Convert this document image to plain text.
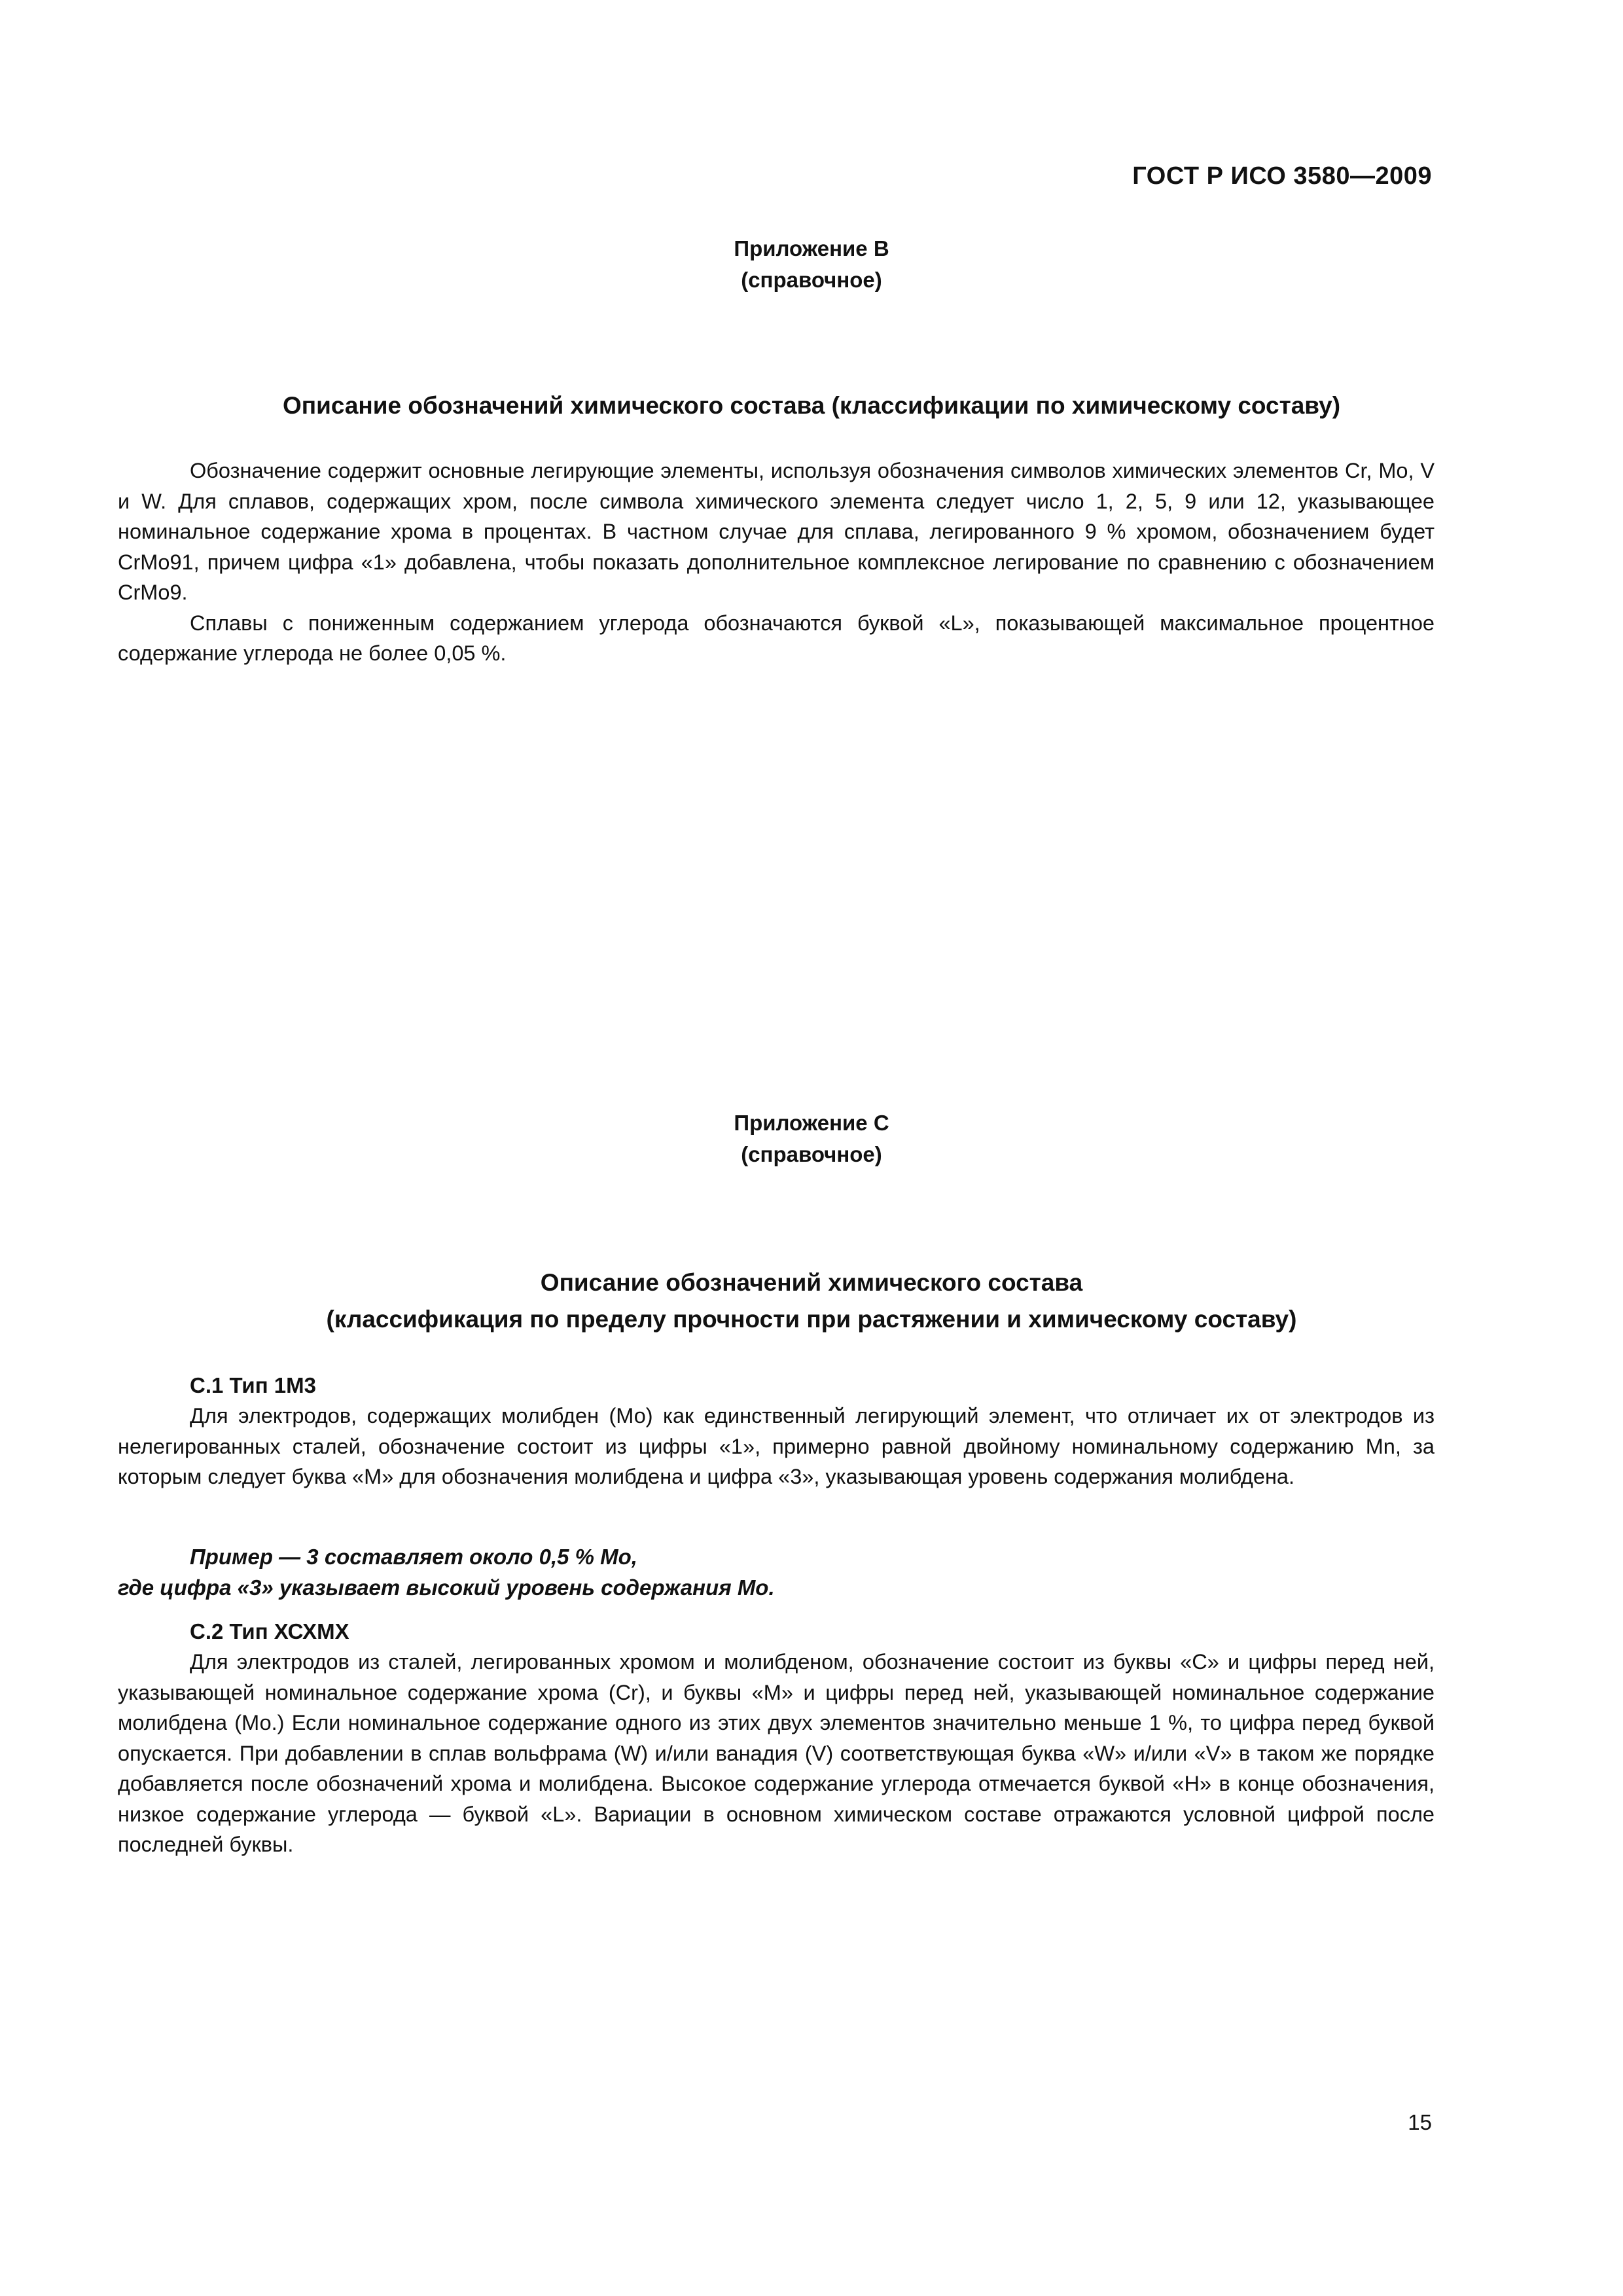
ГОСТ Р ИСО 3580—2009
Приложение В
(справочное)
Описание обозначений химического состава (классификации по химическому составу)

Обозначение содержит основные легирующие элементы, используя обозначения символов химических элементов Cr, Mo, V и W. Для сплавов, содержащих хром, после символа химического элемента следует число 1, 2, 5, 9 или 12, указывающее номинальное содержание хрома в процентах. В частном случае для сплава, легированного 9 % хромом, обозначением будет CrMo91, причем цифра «1» добавлена, чтобы показать дополнительное комплексное легирование по сравнению с обозначением CrMo9.

Сплавы с пониженным содержанием углерода обозначаются буквой «L», показывающей максимальное процентное содержание углерода не более 0,05 %.

Приложение С
(справочное)
Описание обозначений химического состава
(классификация по пределу прочности при растяжении и химическому составу)
С.1 Тип 1М3

Для электродов, содержащих молибден (Мо) как единственный легирующий элемент, что отличает их от электродов из нелегированных сталей, обозначение состоит из цифры «1», примерно равной двойному номинальному содержанию Mn, за которым следует буква «М» для обозначения молибдена и цифра «3», указывающая уровень содержания молибдена.

Пример — 3 составляет около 0,5 % Мо,
где цифра «3» указывает высокий уровень содержания Мо.
С.2 Тип ХСХМХ

Для электродов из сталей, легированных хромом и молибденом, обозначение состоит из буквы «С» и цифры перед ней, указывающей номинальное содержание хрома (Cr), и буквы «М» и цифры перед ней, указывающей номинальное содержание молибдена (Мо.) Если номинальное содержание одного из этих двух элементов значительно меньше 1 %, то цифра перед буквой опускается. При добавлении в сплав вольфрама (W) и/или ванадия (V) соответствующая буква «W» и/или «V» в таком же порядке добавляется после обозначений хрома и молибдена. Высокое содержание углерода отмечается буквой «Н» в конце обозначения, низкое содержание углерода — буквой «L». Вариации в основном химическом составе отражаются условной цифрой после последней буквы.

15
